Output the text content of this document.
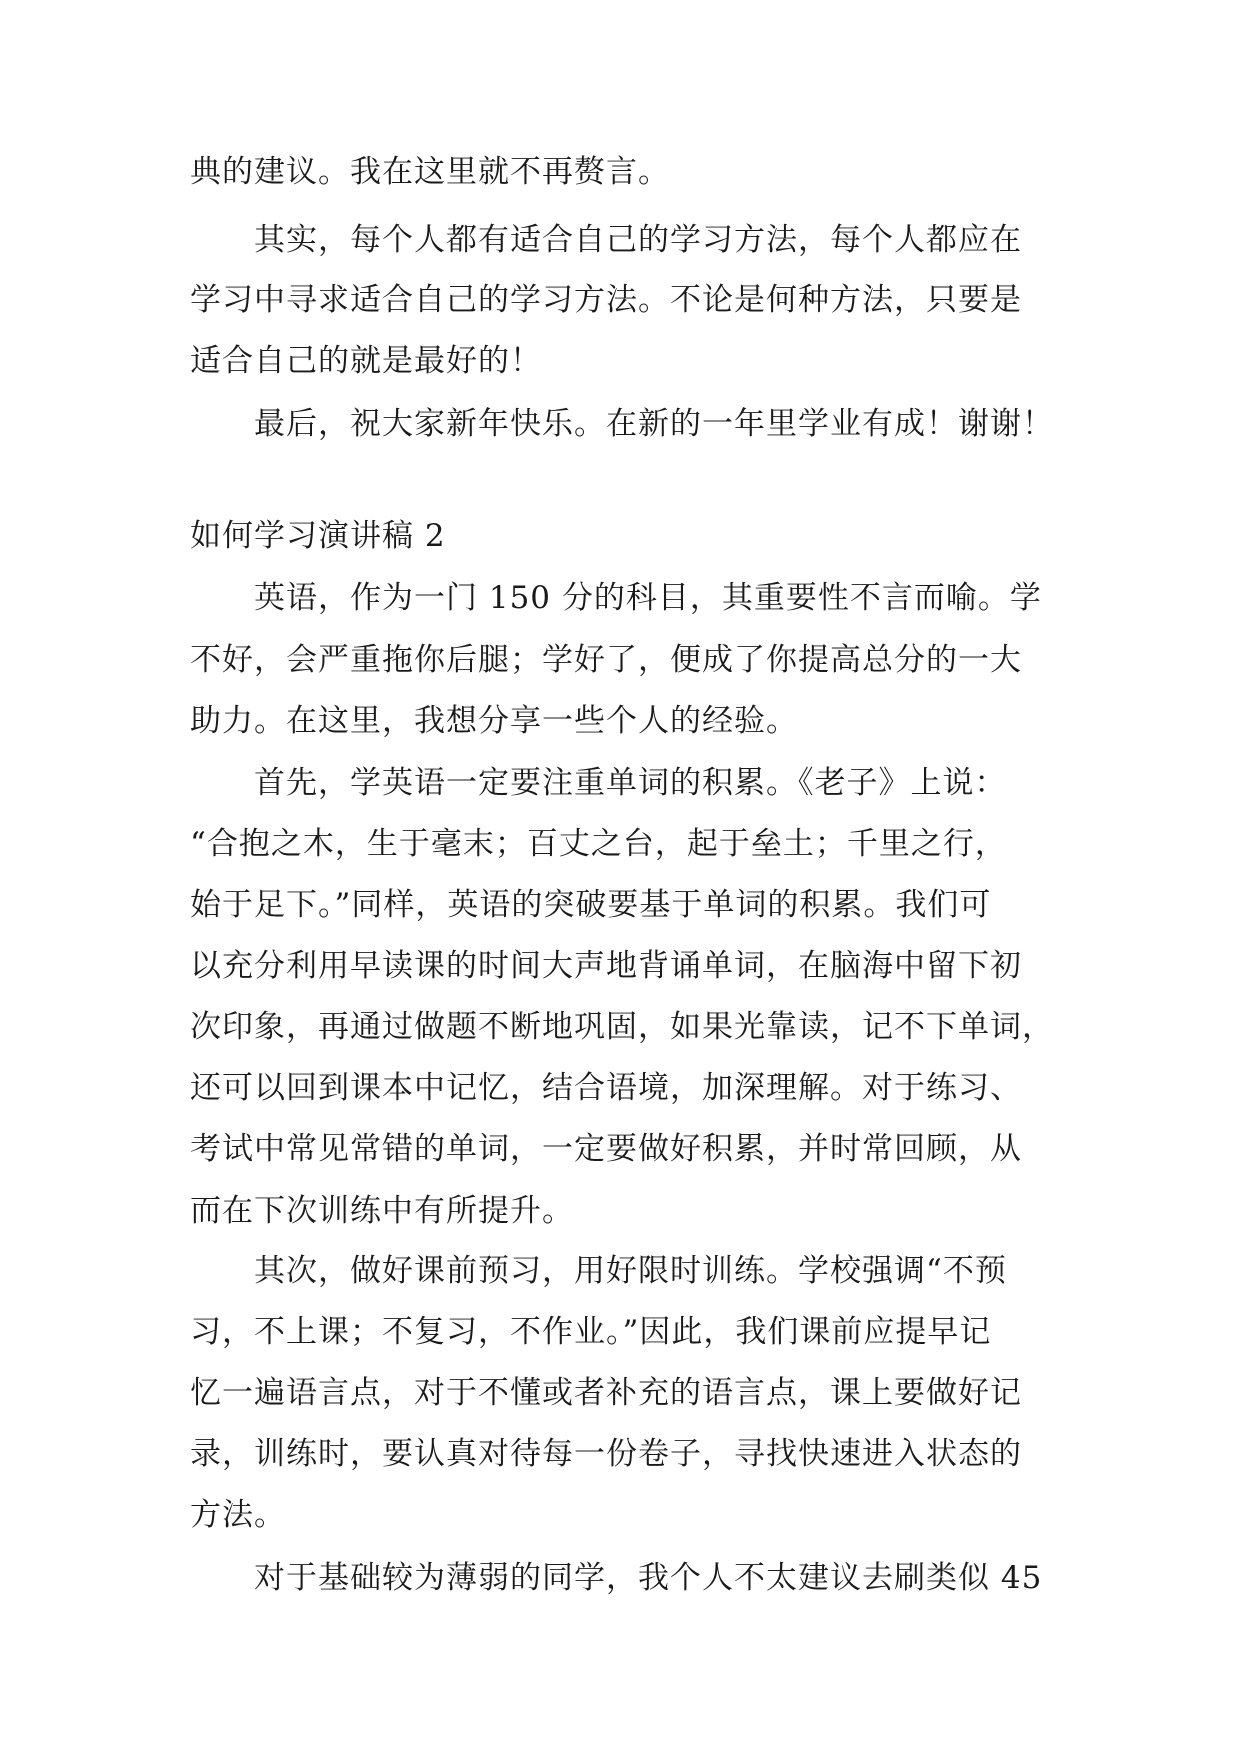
典的建议。我在这里就不再赘言。
其实，每个人都有适合自己的学习方法，每个人都应在
学习中寻求适合自己的学习方法。不论是何种方法，只要是
适合自己的就是最好的！
最后，祝大家新年快乐。在新的一年里学业有成！谢谢！
如何学习演讲稿 2
英语，作为一门 150 分的科目，其重要性不言而喻。学
不好，会严重拖你后腿；学好了，便成了你提高总分的一大
助力。在这里，我想分享一些个人的经验。
首先，学英语一定要注重单词的积累。《老子》上说：
“合抱之木，生于毫末；百丈之台，起于垒土；千里之行，
始于足下。”同样，英语的突破要基于单词的积累。我们可
以充分利用早读课的时间大声地背诵单词，在脑海中留下初
次印象，再通过做题不断地巩固，如果光靠读，记不下单词，
还可以回到课本中记忆，结合语境，加深理解。对于练习、
考试中常见常错的单词，一定要做好积累，并时常回顾，从
而在下次训练中有所提升。
其次，做好课前预习，用好限时训练。学校强调“不预
习，不上课；不复习，不作业。”因此，我们课前应提早记
忆一遍语言点，对于不懂或者补充的语言点，课上要做好记
录，训练时，要认真对待每一份卷子，寻找快速进入状态的
方法。
对于基础较为薄弱的同学，我个人不太建议去刷类似 45
